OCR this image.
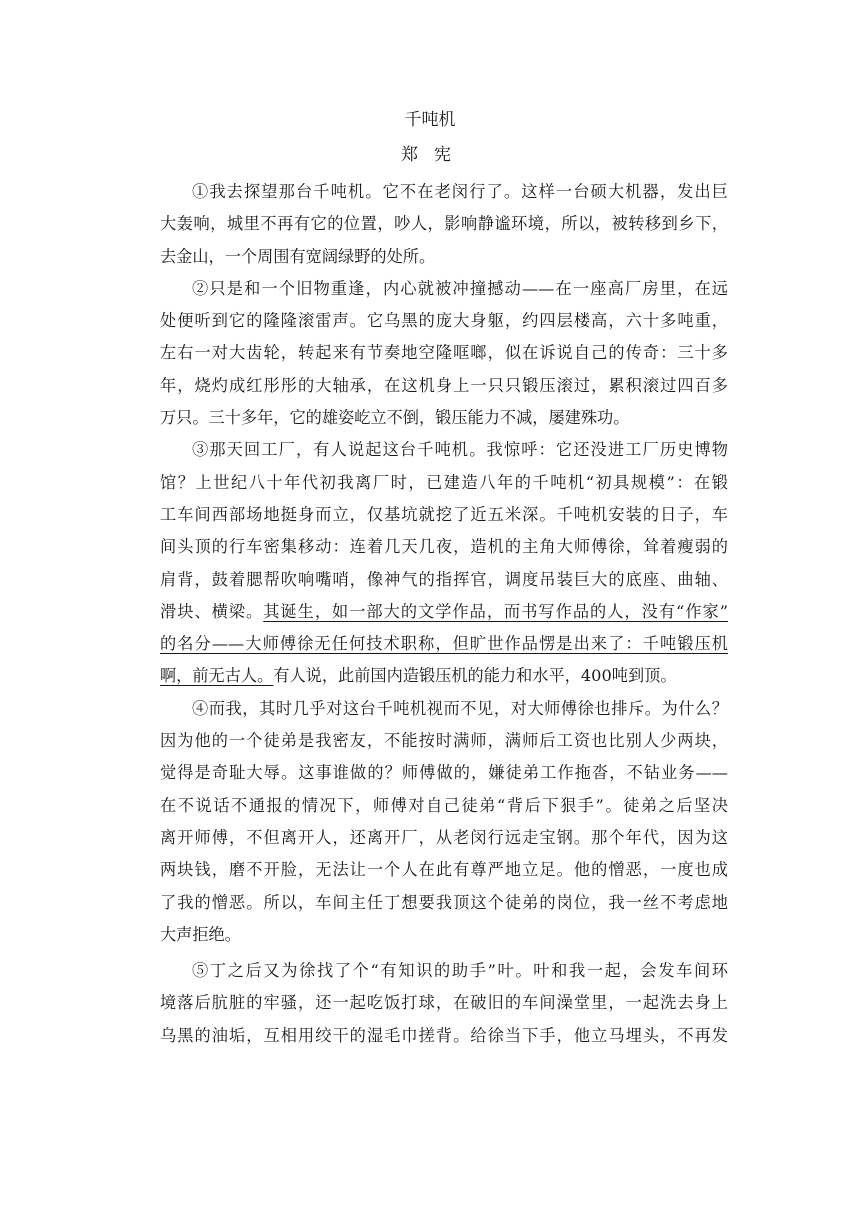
千吨机
郑宪
①我去探望那台千吨机。它不在老闵行了。这样一台硕大机器，发出巨
大轰响，城里不再有它的位置，吵人，影响静谧环境，所以，被转移到乡下，
去金山，一个周围有宽阔绿野的处所。
②只是和一个旧物重逢，内心就被冲撞撼动——在一座高厂房里，在远
处便听到它的隆隆滚雷声。它乌黑的庞大身躯，约四层楼高，六十多吨重，
左右一对大齿轮，转起来有节奏地空隆哐啷，似在诉说自己的传奇：三十多
年，烧灼成红彤彤的大轴承，在这机身上一只只锻压滚过，累积滚过四百多
万只。三十多年，它的雄姿屹立不倒，锻压能力不减，屡建殊功。
③那天回工厂，有人说起这台千吨机。我惊呼：它还没进工厂历史博物
馆？上世纪八十年代初我离厂时，已建造八年的千吨机“初具规模”：在锻
工车间西部场地挺身而立，仅基坑就挖了近五米深。千吨机安装的日子，车
间头顶的行车密集移动：连着几天几夜，造机的主角大师傅徐，耸着瘦弱的
肩背，鼓着腮帮吹响嘴哨，像神气的指挥官，调度吊装巨大的底座、曲轴、
滑块、横梁。其诞生，如一部大的文学作品，而书写作品的人，没有“作家”
的名分——大师傅徐无任何技术职称，但旷世作品愣是出来了：千吨锻压机
啊，前无古人。有人说，此前国内造锻压机的能力和水平，400吨到顶。
④而我，其时几乎对这台千吨机视而不见，对大师傅徐也排斥。为什么？
因为他的一个徒弟是我密友，不能按时满师，满师后工资也比别人少两块，
觉得是奇耻大辱。这事谁做的？师傅做的，嫌徒弟工作拖沓，不钻业务——
在不说话不通报的情况下，师傅对自己徒弟“背后下狠手”。徒弟之后坚决
离开师傅，不但离开人，还离开厂，从老闵行远走宝钢。那个年代，因为这
两块钱，磨不开脸，无法让一个人在此有尊严地立足。他的憎恶，一度也成
了我的憎恶。所以，车间主任丁想要我顶这个徒弟的岗位，我一丝不考虑地
大声拒绝。
⑤丁之后又为徐找了个“有知识的助手”叶。叶和我一起，会发车间环
境落后肮脏的牢骚，还一起吃饭打球，在破旧的车间澡堂里，一起洗去身上
乌黑的油垢，互相用绞干的湿毛巾搓背。给徐当下手，他立马埋头，不再发
